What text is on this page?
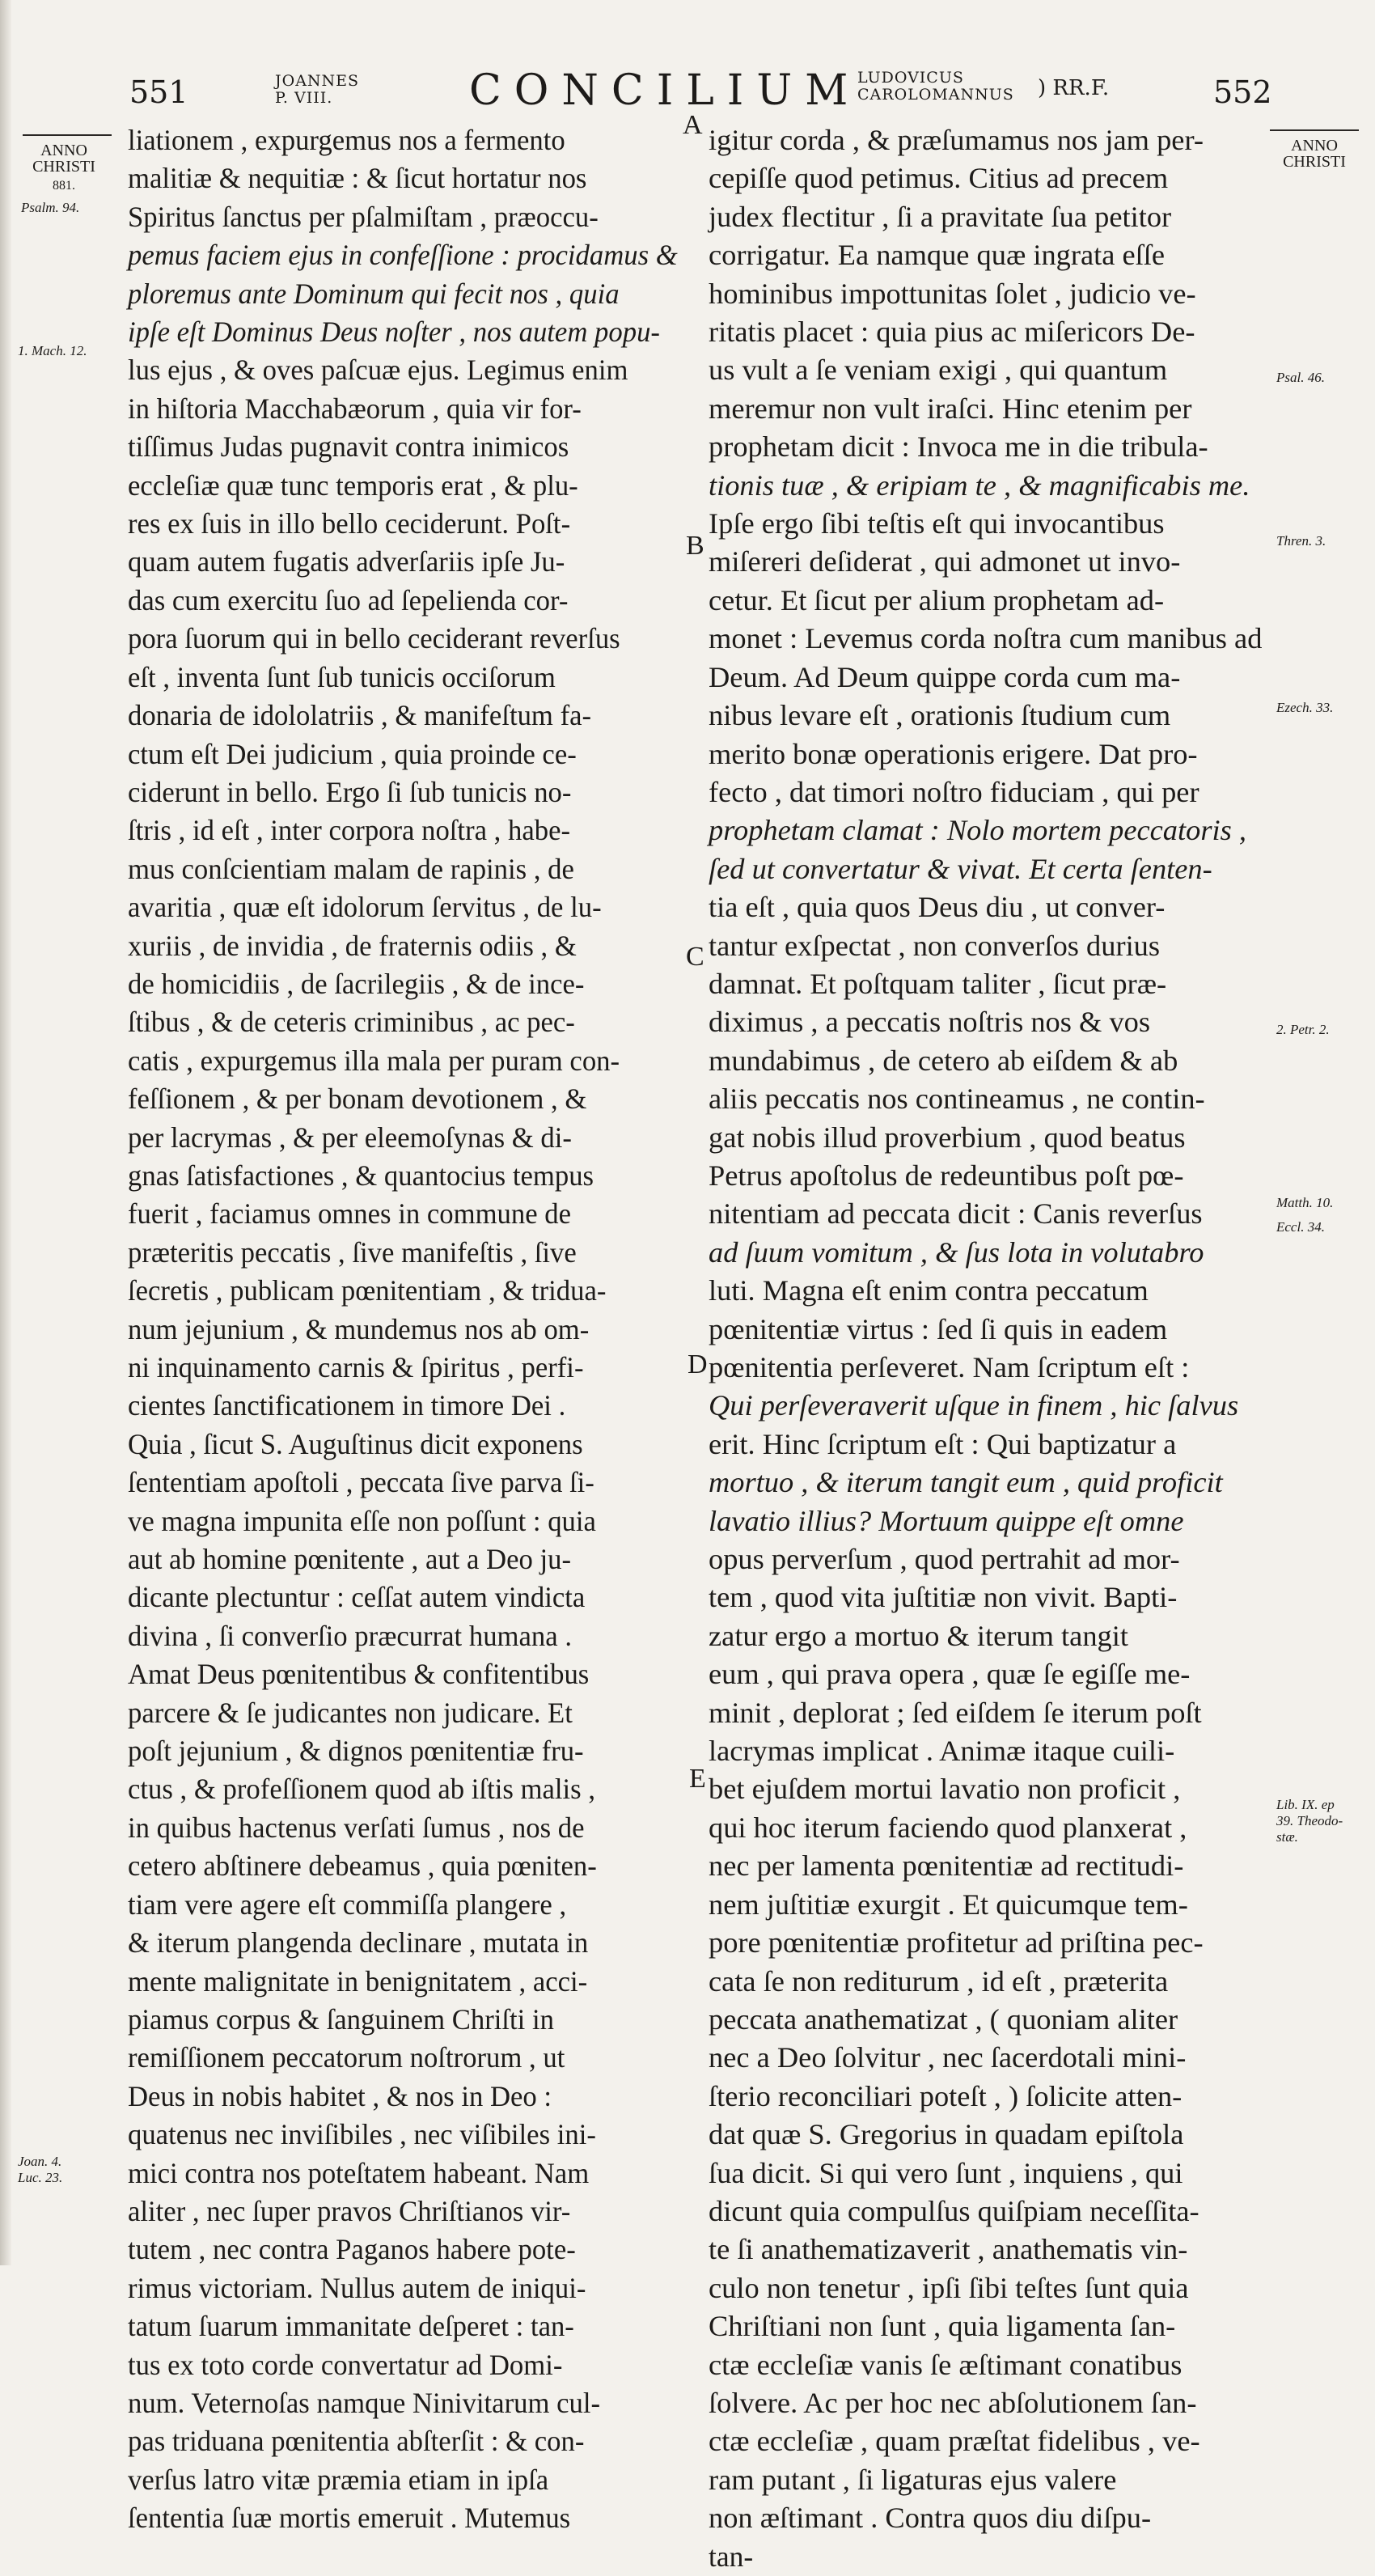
551	JOANNES
P. VIII.	CONCILIUM
LUDOVICUS
CAROLOMANNUS ) RR.F.	552
ANNO
CHRISTI
881.
ANNO
CHRISTI
Psalm. 94.
1. Mach. 12.
Joan. 4.
Luc. 23.
Psal. 46.
Thren. 3.
Ezech. 33.
2. Petr. 2.
Matth. 10.
Eccl. 34.
Lib. IX. ep
39. Theodo-
stæ.
A
B
C
D
E

liationem , expurgemus nos a fermento

malitiæ & nequitiæ : & ſicut hortatur nos

Spiritus ſanctus per pſalmiſtam , præoccu-

pemus faciem ejus in confeſſione : procidamus &

ploremus ante Dominum qui fecit nos , quia

ipſe eſt Dominus Deus noſter , nos autem popu-

lus ejus , & oves paſcuæ ejus. Legimus enim

in hiſtoria Macchabæorum , quia vir for-

tiſſimus Judas pugnavit contra inimicos

eccleſiæ quæ tunc temporis erat , & plu-

res ex ſuis in illo bello ceciderunt. Poſt-

quam autem fugatis adverſariis ipſe Ju-

das cum exercitu ſuo ad ſepelienda cor-

pora ſuorum qui in bello ceciderant reverſus

eſt , inventa ſunt ſub tunicis occiſorum

donaria de idololatriis , & manifeſtum fa-

ctum eſt Dei judicium , quia proinde ce-

ciderunt in bello. Ergo ſi ſub tunicis no-

ſtris , id eſt , inter corpora noſtra , habe-

mus conſcientiam malam de rapinis , de

avaritia , quæ eſt idolorum ſervitus , de lu-

xuriis , de invidia , de fraternis odiis , &

de homicidiis , de ſacrilegiis , & de ince-

ſtibus , & de ceteris criminibus , ac pec-

catis , expurgemus illa mala per puram con-

feſſionem , & per bonam devotionem , &

per lacrymas , & per eleemoſynas & di-

gnas ſatisfactiones , & quantocius tempus

fuerit , faciamus omnes in commune de

præteritis peccatis , ſive manifeſtis , ſive

ſecretis , publicam pœnitentiam , & tridua-

num jejunium , & mundemus nos ab om-

ni inquinamento carnis & ſpiritus , perfi-

cientes ſanctificationem in timore Dei .

Quia , ſicut S. Auguſtinus dicit exponens

ſententiam apoſtoli , peccata ſive parva ſi-

ve magna impunita eſſe non poſſunt : quia

aut ab homine pœnitente , aut a Deo ju-

dicante plectuntur : ceſſat autem vindicta

divina , ſi converſio præcurrat humana .

Amat Deus pœnitentibus & confitentibus

parcere & ſe judicantes non judicare. Et

poſt jejunium , & dignos pœnitentiæ fru-

ctus , & profeſſionem quod ab iſtis malis ,

in quibus hactenus verſati ſumus , nos de

cetero abſtinere debeamus , quia pœniten-

tiam vere agere eſt commiſſa plangere ,

& iterum plangenda declinare , mutata in

mente malignitate in benignitatem , acci-

piamus corpus & ſanguinem Chriſti in

remiſſionem peccatorum noſtrorum , ut

Deus in nobis habitet , & nos in Deo :

quatenus nec inviſibiles , nec viſibiles ini-

mici contra nos poteſtatem habeant. Nam

aliter , nec ſuper pravos Chriſtianos vir-

tutem , nec contra Paganos habere pote-

rimus victoriam. Nullus autem de iniqui-

tatum ſuarum immanitate deſperet : tan-

tus ex toto corde convertatur ad Domi-

num. Veternoſas namque Ninivitarum cul-

pas triduana pœnitentia abſterſit : & con-

verſus latro vitæ præmia etiam in ipſa

ſententia ſuæ mortis emeruit . Mutemus

igitur corda , & præſumamus nos jam per-

cepiſſe quod petimus. Citius ad precem

judex flectitur , ſi a pravitate ſua petitor

corrigatur. Ea namque quæ ingrata eſſe

hominibus impottunitas ſolet , judicio ve-

ritatis placet : quia pius ac miſericors De-

us vult a ſe veniam exigi , qui quantum

meremur non vult iraſci. Hinc etenim per

prophetam dicit : Invoca me in die tribula-

tionis tuæ , & eripiam te , & magnificabis me.

Ipſe ergo ſibi teſtis eſt qui invocantibus

miſereri deſiderat , qui admonet ut invo-

cetur. Et ſicut per alium prophetam ad-

monet : Levemus corda noſtra cum manibus ad

Deum. Ad Deum quippe corda cum ma-

nibus levare eſt , orationis ſtudium cum

merito bonæ operationis erigere. Dat pro-

fecto , dat timori noſtro fiduciam , qui per

prophetam clamat : Nolo mortem peccatoris ,

ſed ut convertatur & vivat. Et certa ſenten-

tia eſt , quia quos Deus diu , ut conver-

tantur exſpectat , non converſos durius

damnat. Et poſtquam taliter , ſicut præ-

diximus , a peccatis noſtris nos & vos

mundabimus , de cetero ab eiſdem & ab

aliis peccatis nos contineamus , ne contin-

gat nobis illud proverbium , quod beatus

Petrus apoſtolus de redeuntibus poſt pœ-

nitentiam ad peccata dicit : Canis reverſus

ad ſuum vomitum , & ſus lota in volutabro

luti. Magna eſt enim contra peccatum

pœnitentiæ virtus : ſed ſi quis in eadem

pœnitentia perſeveret. Nam ſcriptum eſt :

Qui perſeveraverit uſque in finem , hic ſalvus

erit. Hinc ſcriptum eſt : Qui baptizatur a

mortuo , & iterum tangit eum , quid proficit

lavatio illius? Mortuum quippe eſt omne

opus perverſum , quod pertrahit ad mor-

tem , quod vita juſtitiæ non vivit. Bapti-

zatur ergo a mortuo & iterum tangit

eum , qui prava opera , quæ ſe egiſſe me-

minit , deplorat ; ſed eiſdem ſe iterum poſt

lacrymas implicat . Animæ itaque cuili-

bet ejuſdem mortui lavatio non proficit ,

qui hoc iterum faciendo quod planxerat ,

nec per lamenta pœnitentiæ ad rectitudi-

nem juſtitiæ exurgit . Et quicumque tem-

pore pœnitentiæ profitetur ad priſtina pec-

cata ſe non rediturum , id eſt , præterita

peccata anathematizat , ( quoniam aliter

nec a Deo ſolvitur , nec ſacerdotali mini-

ſterio reconciliari poteſt , ) ſolicite atten-

dat quæ S. Gregorius in quadam epiſtola

ſua dicit. Si qui vero ſunt , inquiens , qui

dicunt quia compulſus quiſpiam neceſſita-

te ſi anathematizaverit , anathematis vin-

culo non tenetur , ipſi ſibi teſtes ſunt quia

Chriſtiani non ſunt , quia ligamenta ſan-

ctæ eccleſiæ vanis ſe æſtimant conatibus

ſolvere. Ac per hoc nec abſolutionem ſan-

ctæ eccleſiæ , quam præſtat fidelibus , ve-

ram putant , ſi ligaturas ejus valere

non æſtimant . Contra quos diu diſpu-

tan-
